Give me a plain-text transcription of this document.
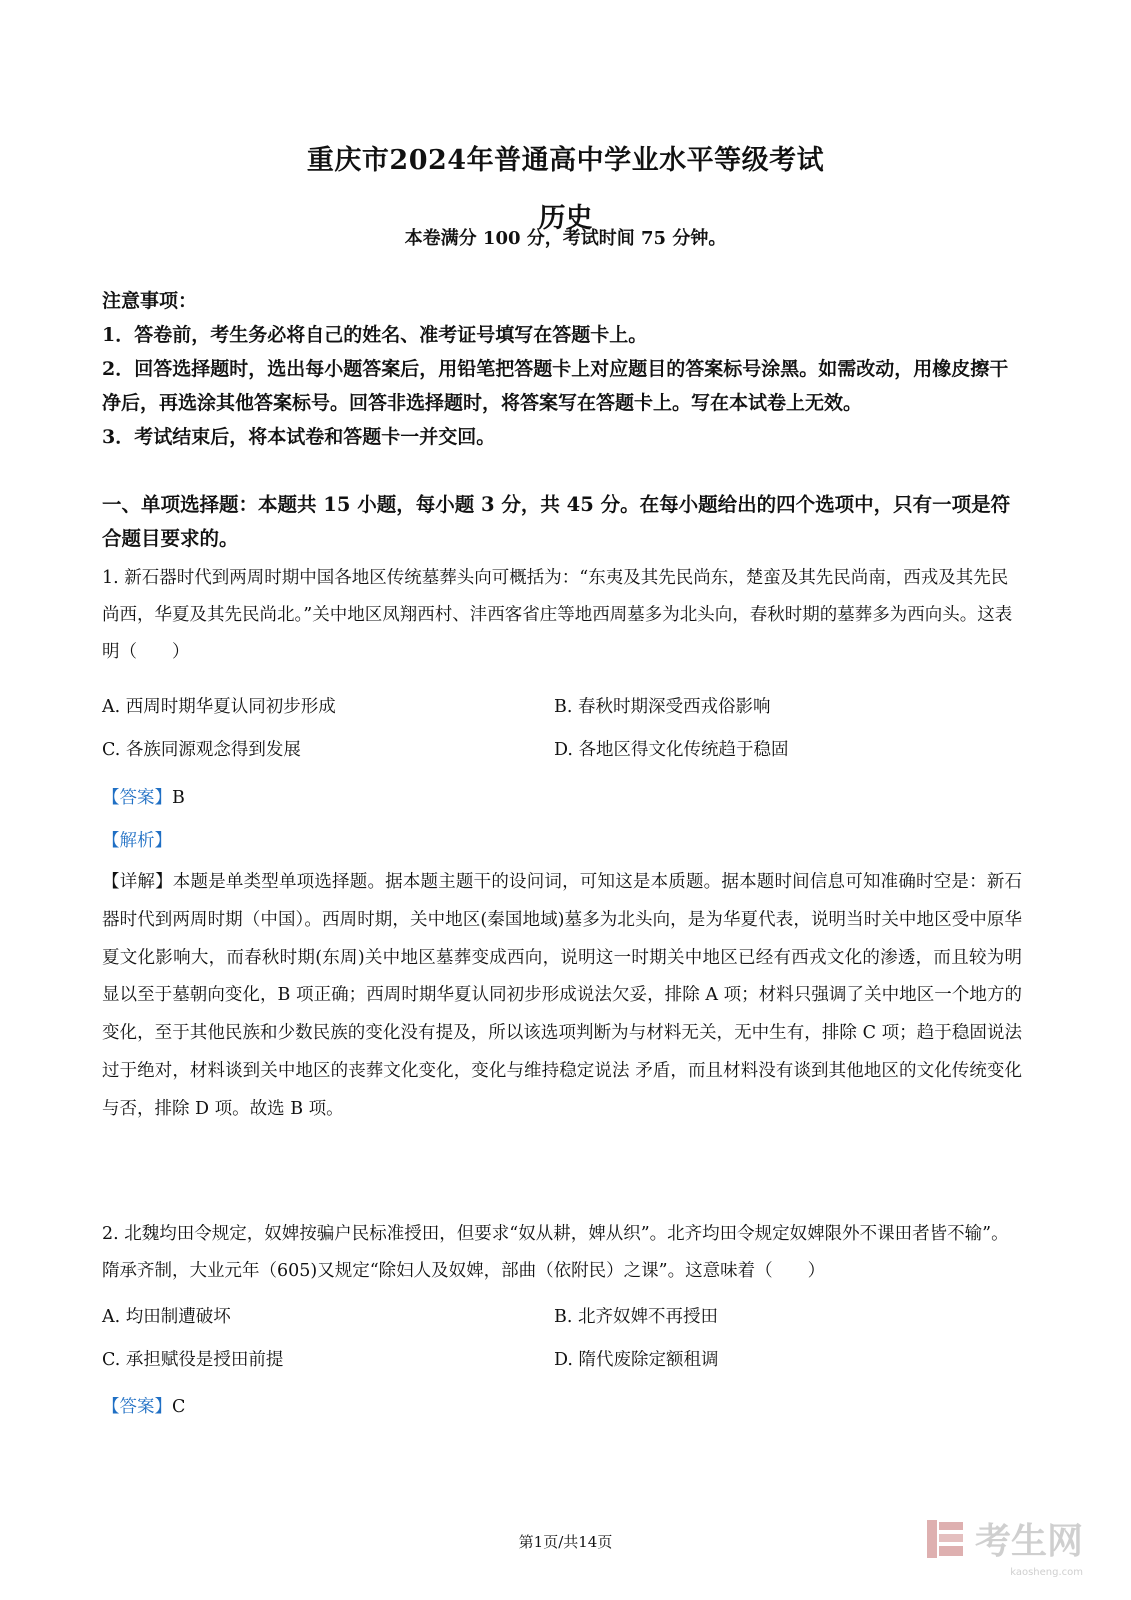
重庆市2024年普通高中学业水平等级考试
历史
本卷满分 100 分，考试时间 75 分钟。
注意事项：
1．答卷前，考生务必将自己的姓名、准考证号填写在答题卡上。
2．回答选择题时，选出每小题答案后，用铅笔把答题卡上对应题目的答案标号涂黑。如需改动，用橡皮擦干净后，再选涂其他答案标号。回答非选择题时，将答案写在答题卡上。写在本试卷上无效。
3．考试结束后，将本试卷和答题卡一并交回。
一、单项选择题：本题共 15 小题，每小题 3 分，共 45 分。在每小题给出的四个选项中，只有一项是符合题目要求的。
1. 新石器时代到两周时期中国各地区传统墓葬头向可概括为：“东夷及其先民尚东，楚蛮及其先民尚南，西戎及其先民尚西，华夏及其先民尚北。”关中地区凤翔西村、沣西客省庄等地西周墓多为北头向，春秋时期的墓葬多为西向头。这表明（　　）
A. 西周时期华夏认同初步形成	B. 春秋时期深受西戎俗影响
C. 各族同源观念得到发展	D. 各地区得文化传统趋于稳固
【答案】B
【解析】
【详解】本题是单类型单项选择题。据本题主题干的设问词，可知这是本质题。据本题时间信息可知准确时空是：新石器时代到两周时期（中国）。西周时期，关中地区(秦国地域)墓多为北头向，是为华夏代表，说明当时关中地区受中原华夏文化影响大，而春秋时期(东周)关中地区墓葬变成西向，说明这一时期关中地区已经有西戎文化的渗透，而且较为明显以至于墓朝向变化，B 项正确；西周时期华夏认同初步形成说法欠妥，排除 A 项；材料只强调了关中地区一个地方的变化，至于其他民族和少数民族的变化没有提及，所以该选项判断为与材料无关，无中生有，排除 C 项；趋于稳固说法过于绝对，材料谈到关中地区的丧葬文化变化，变化与维持稳定说法 矛盾，而且材料没有谈到其他地区的文化传统变化与否，排除 D 项。故选 B 项。
2. 北魏均田令规定，奴婢按骗户民标准授田，但要求“奴从耕，婢从织”。北齐均田令规定奴婢限外不课田者皆不输”。隋承齐制，大业元年（605)又规定“除妇人及奴婢，部曲（依附民）之课”。这意味着（　　）
A. 均田制遭破坏	B. 北齐奴婢不再授田
C. 承担赋役是授田前提	D. 隋代废除定额租调
【答案】C
第1页/共14页	考生网
kaosheng.com
